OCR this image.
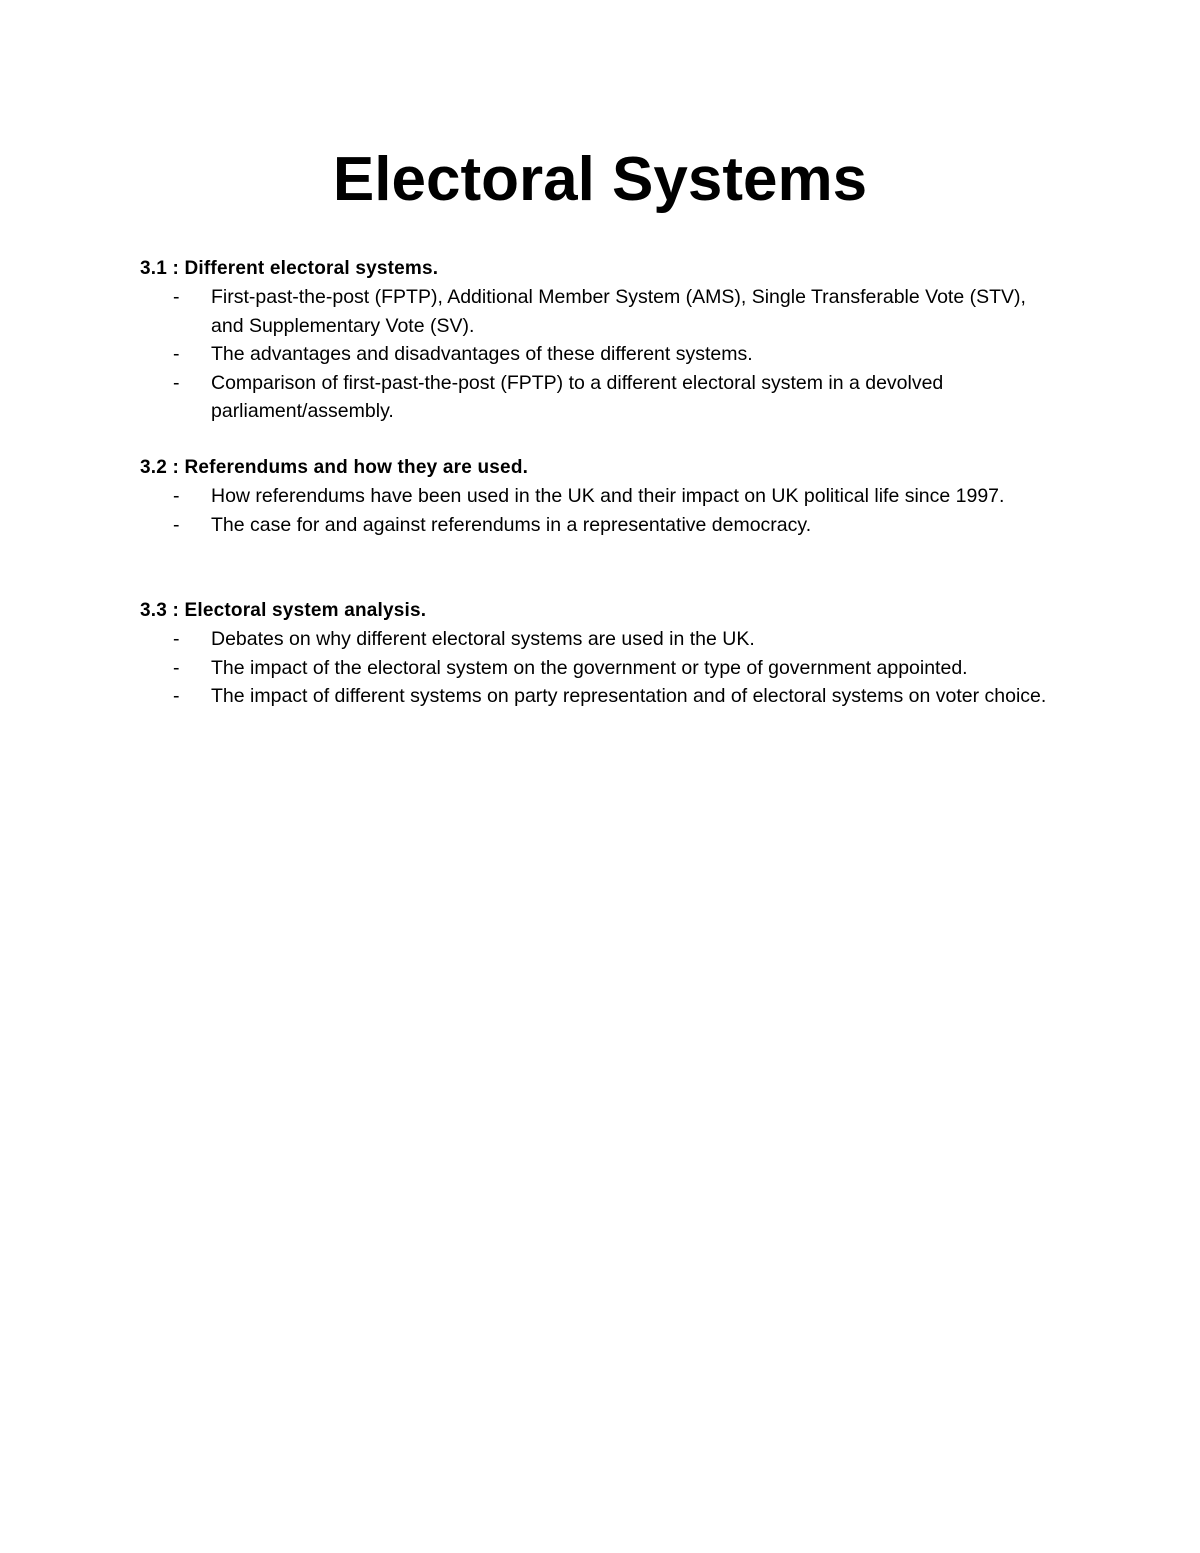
Electoral Systems
3.1 : Different electoral systems.
- First-past-the-post (FPTP), Additional Member System (AMS), Single Transferable Vote (STV), and Supplementary Vote (SV).
- The advantages and disadvantages of these different systems.
- Comparison of first-past-the-post (FPTP) to a different electoral system in a devolved parliament/assembly.
3.2 : Referendums and how they are used.
- How referendums have been used in the UK and their impact on UK political life since 1997.
- The case for and against referendums in a representative democracy.
3.3 : Electoral system analysis.
- Debates on why different electoral systems are used in the UK.
- The impact of the electoral system on the government or type of government appointed.
- The impact of different systems on party representation and of electoral systems on voter choice.
